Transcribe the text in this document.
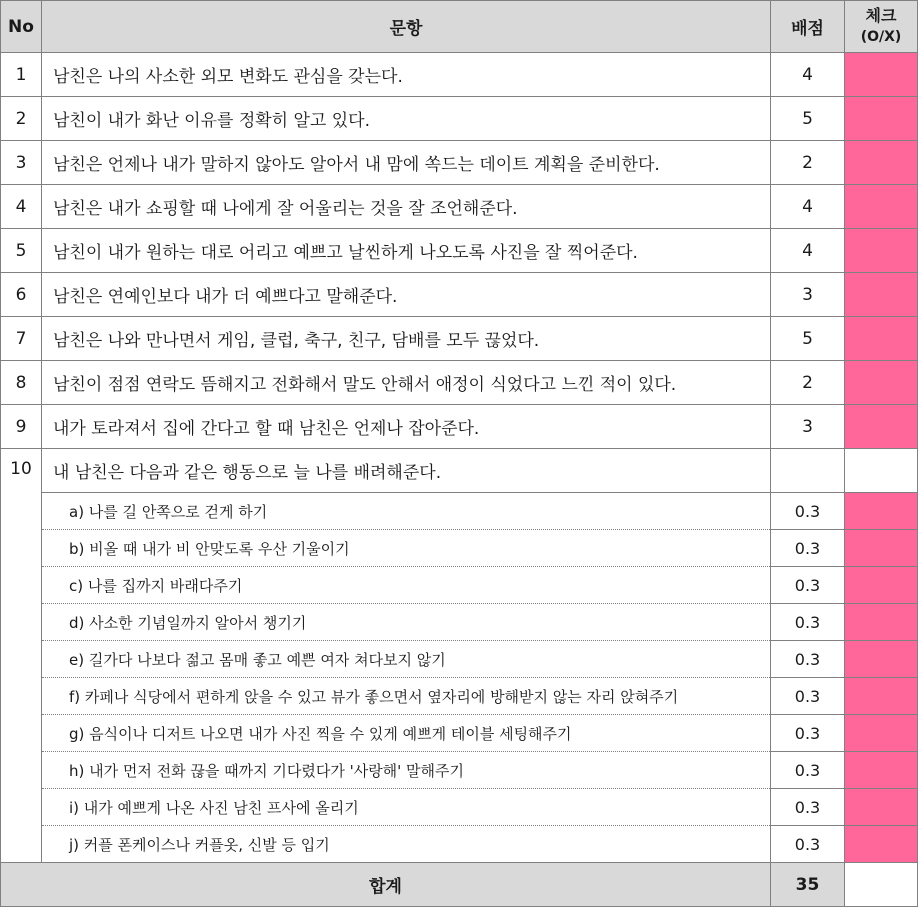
No	문항	배점	체크
(O/X)
1	남친은 나의 사소한 외모 변화도 관심을 갖는다.	4	
2	남친이 내가 화난 이유를 정확히 알고 있다.	5	
3	남친은 언제나 내가 말하지 않아도 알아서 내 맘에 쏙드는 데이트 계획을 준비한다.	2	
4	남친은 내가 쇼핑할 때 나에게 잘 어울리는 것을 잘 조언해준다.	4	
5	남친이 내가 원하는 대로 어리고 예쁘고 날씬하게 나오도록 사진을 잘 찍어준다.	4	
6	남친은 연예인보다 내가 더 예쁘다고 말해준다.	3	
7	남친은 나와 만나면서 게임, 클럽, 축구, 친구, 담배를 모두 끊었다.	5	
8	남친이 점점 연락도 뜸해지고 전화해서 말도 안해서 애정이 식었다고 느낀 적이 있다.	2	
9	내가 토라져서 집에 간다고 할 때 남친은 언제나 잡아준다.	3	
10	내 남친은 다음과 같은 행동으로 늘 나를 배려해준다.		
	a) 나를 길 안쪽으로 걷게 하기	0.3	
	b) 비올 때 내가 비 안맞도록 우산 기울이기	0.3	
	c) 나를 집까지 바래다주기	0.3	
	d) 사소한 기념일까지 알아서 챙기기	0.3	
	e) 길가다 나보다 젊고 몸매 좋고 예쁜 여자 쳐다보지 않기	0.3	
	f) 카페나 식당에서 편하게 앉을 수 있고 뷰가 좋으면서 옆자리에 방해받지 않는 자리 앉혀주기	0.3	
	g) 음식이나 디저트 나오면 내가 사진 찍을 수 있게 예쁘게 테이블 세팅해주기	0.3	
	h) 내가 먼저 전화 끊을 때까지 기다렸다가 '사랑해' 말해주기	0.3	
	i) 내가 예쁘게 나온 사진 남친 프사에 올리기	0.3	
	j) 커플 폰케이스나 커플옷, 신발 등 입기	0.3	
합계		35	
